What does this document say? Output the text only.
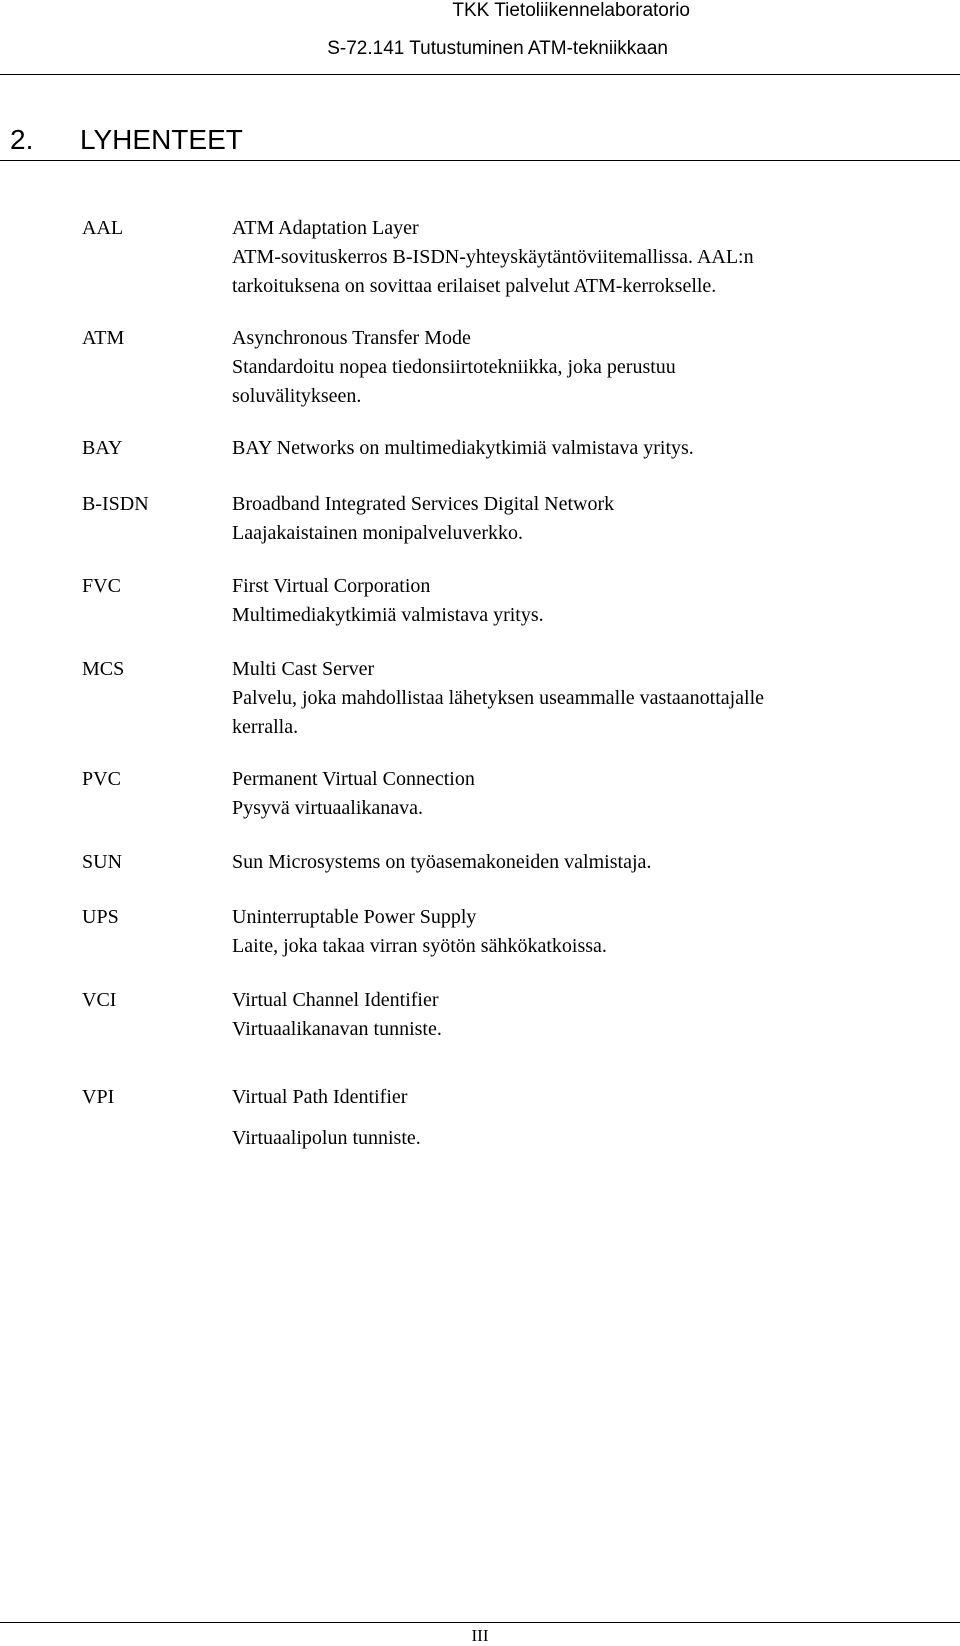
TKK Tietoliikennelaboratorio
S-72.141 Tutustuminen ATM-tekniikkaan
2. LYHENTEET
AAL	ATM Adaptation Layer
ATM-sovituskerros B-ISDN-yhteyskäytäntöviitemallissa. AAL:n
tarkoituksena on sovittaa erilaiset palvelut ATM-kerrokselle.
ATM	Asynchronous Transfer Mode
Standardoitu nopea tiedonsiirtotekniikka, joka perustuu
soluvälitykseen.
BAY	BAY Networks on multimediakytkimiä valmistava yritys.
B-ISDN	Broadband Integrated Services Digital Network
Laajakaistainen monipalveluverkko.
FVC	First Virtual Corporation
Multimediakytkimiä valmistava yritys.
MCS	Multi Cast Server
Palvelu, joka mahdollistaa lähetyksen useammalle vastaanottajalle
kerralla.
PVC	Permanent Virtual Connection
Pysyvä virtuaalikanava.
SUN	Sun Microsystems on työasemakoneiden valmistaja.
UPS	Uninterruptable Power Supply
Laite, joka takaa virran syötön sähkökatkoissa.
VCI	Virtual Channel Identifier
Virtuaalikanavan tunniste.
VPI	Virtual Path Identifier
Virtuaalipolun tunniste.
III
